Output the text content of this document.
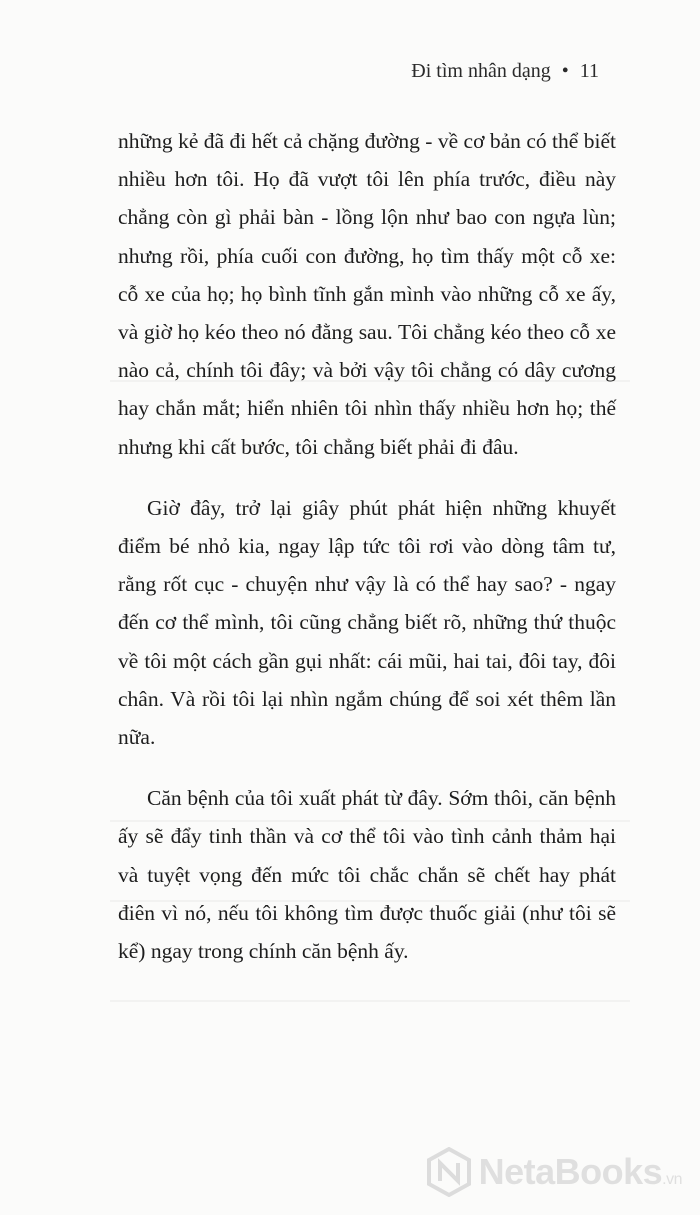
Đi tìm nhân dạng • 11

những kẻ đã đi hết cả chặng đường - về cơ bản có thể biết nhiều hơn tôi. Họ đã vượt tôi lên phía trước, điều này chẳng còn gì phải bàn - lồng lộn như bao con ngựa lùn; nhưng rồi, phía cuối con đường, họ tìm thấy một cỗ xe: cỗ xe của họ; họ bình tĩnh gắn mình vào những cỗ xe ấy, và giờ họ kéo theo nó đằng sau. Tôi chẳng kéo theo cỗ xe nào cả, chính tôi đây; và bởi vậy tôi chẳng có dây cương hay chắn mắt; hiển nhiên tôi nhìn thấy nhiều hơn họ; thế nhưng khi cất bước, tôi chẳng biết phải đi đâu.

Giờ đây, trở lại giây phút phát hiện những khuyết điểm bé nhỏ kia, ngay lập tức tôi rơi vào dòng tâm tư, rằng rốt cục - chuyện như vậy là có thể hay sao? - ngay đến cơ thể mình, tôi cũng chẳng biết rõ, những thứ thuộc về tôi một cách gần gụi nhất: cái mũi, hai tai, đôi tay, đôi chân. Và rồi tôi lại nhìn ngắm chúng để soi xét thêm lần nữa.

Căn bệnh của tôi xuất phát từ đây. Sớm thôi, căn bệnh ấy sẽ đẩy tinh thần và cơ thể tôi vào tình cảnh thảm hại và tuyệt vọng đến mức tôi chắc chắn sẽ chết hay phát điên vì nó, nếu tôi không tìm được thuốc giải (như tôi sẽ kể) ngay trong chính căn bệnh ấy.

NetaBooks.vn
